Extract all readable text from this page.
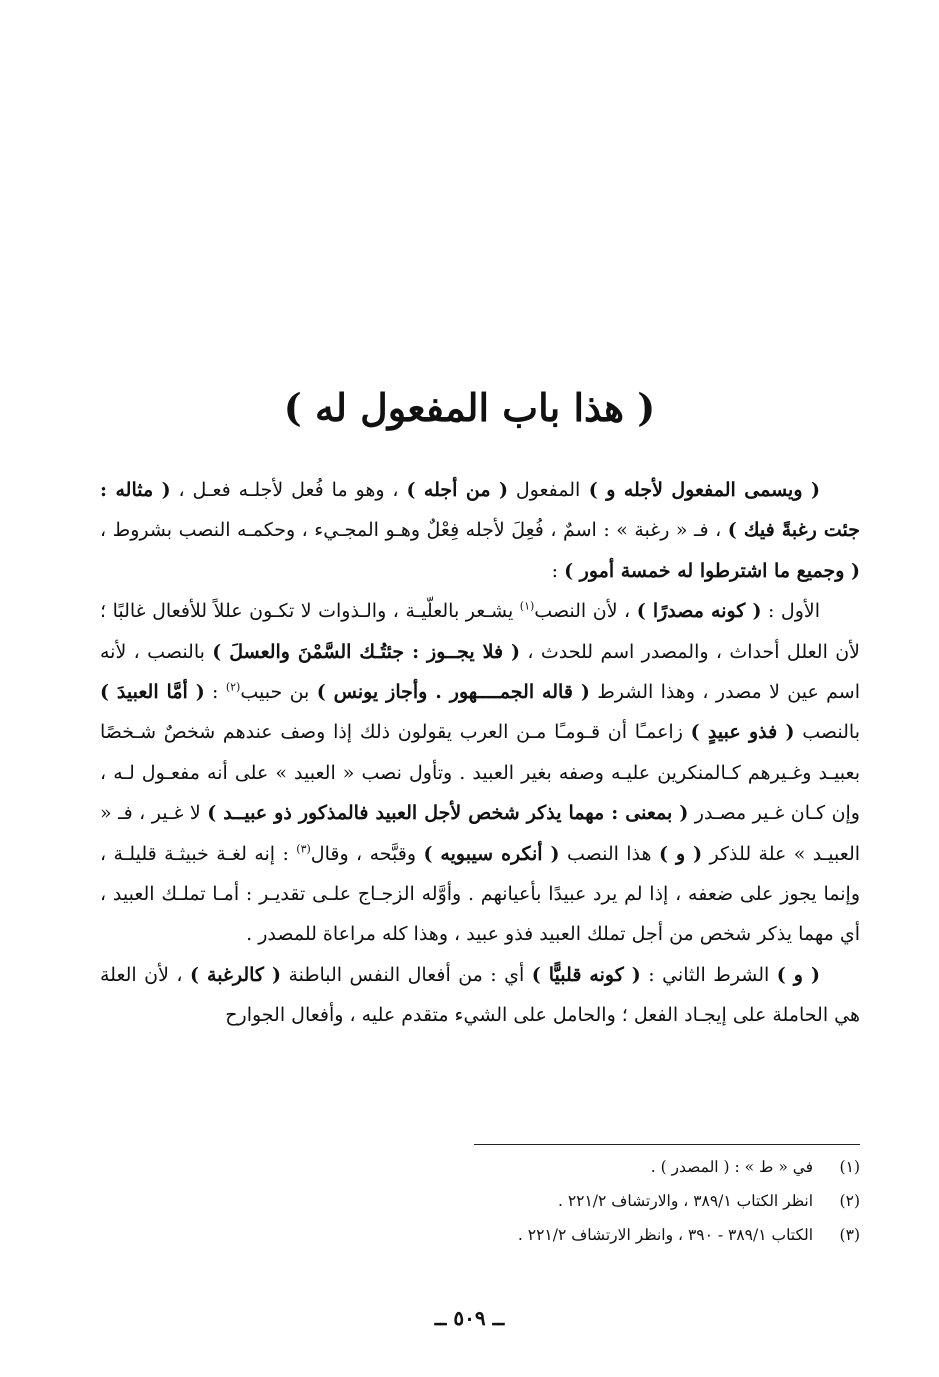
( هذا باب المفعول له )

( ويسمى المفعول لأجله و ) المفعول ( من أجله ) ، وهو ما فُعل لأجلـه فعـل ، ( مثاله : جئت رغبةً فيك ) ، فـ « رغبة » : اسمٌ ، فُعِلَ لأجله فِعْلٌ وهـو المجـيء ، وحكمـه النصب بشروط ، ( وجميع ما اشترطوا له خمسة أمور ) :

الأول : ( كونه مصدرًا ) ، لأن النصب$^{(١)}$ يشـعر بالعلّيـة ، والـذوات لا تكـون عللاً للأفعال غالبًا ؛ لأن العلل أحداث ، والمصدر اسم للحدث ، ( فلا يجــوز : جئتُـك السَّمْنَ والعسلَ ) بالنصب ، لأنه اسم عين لا مصدر ، وهذا الشرط ( قاله الجمــــهور . وأجاز يونس ) بن حبيب$^{(٢)}$ : ( أمَّا العبيدَ ) بالنصب ( فذو عبيدٍ ) زاعمـًا أن قـومـًا مـن العرب يقولون ذلك إذا وصف عندهم شخصٌ شـخصًا بعبيـد وغـيرهم كـالمنكرين عليـه وصفه بغير العبيد . وتأول نصب « العبيد » على أنه مفعـول لـه ، وإن كـان غـير مصـدر ( بمعنى : مهما يذكر شخص لأجل العبيد فالمذكور ذو عبيــد ) لا غـير ، فـ « العبيـد » علة للذكر ( و ) هذا النصب ( أنكره سيبويه ) وقبَّحه ، وقال$^{(٣)}$ : إنه لغـة خبيثـة قليلـة ، وإنما يجوز على ضعفه ، إذا لم يرد عبيدًا بأعيانهم . وأوَّله الزجـاج علـى تقديـر : أمـا تملـك العبيد ، أي مهما يذكر شخص من أجل تملك العبيد فذو عبيد ، وهذا كله مراعاة للمصدر .

( و ) الشرط الثاني : ( كونه قلبيًّا ) أي : من أفعال النفس الباطنة ( كالرغبة ) ، لأن العلة هي الحاملة على إيجـاد الفعل ؛ والحامل على الشيء متقدم عليه ، وأفعال الجوارح

(١) في « ط » : ( المصدر ) .
(٢) انظر الكتاب ٣٨٩/١ ، والارتشاف ٢٢١/٢ .
(٣) الكتاب ٣٨٩/١ - ٣٩٠ ، وانظر الارتشاف ٢٢١/٢ .
ــ ٥٠٩ ــ
